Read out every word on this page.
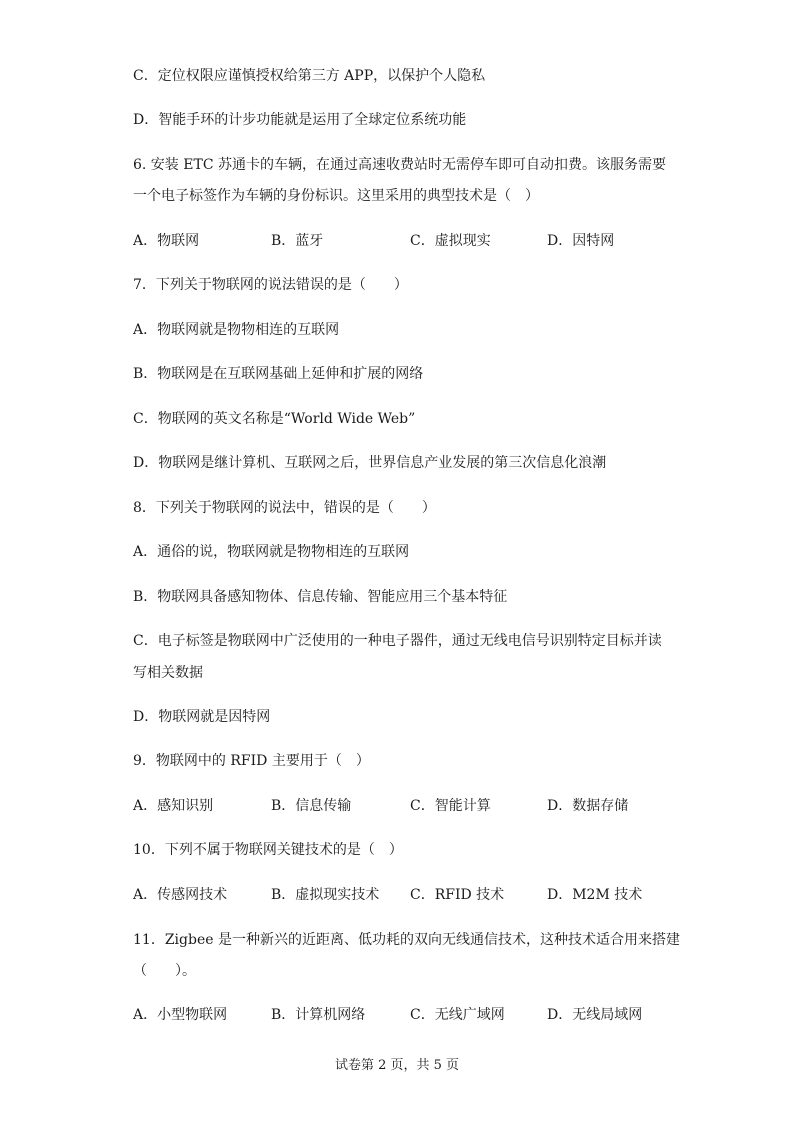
C．定位权限应谨慎授权给第三方 APP，以保护个人隐私
D．智能手环的计步功能就是运用了全球定位系统功能
6. 安装 ETC 苏通卡的车辆，在通过高速收费站时无需停车即可自动扣费。该服务需要
一个电子标签作为车辆的身份标识。这里采用的典型技术是（　）
A．物联网	B．蓝牙	C．虚拟现实	D．因特网
7．下列关于物联网的说法错误的是（　　）
A．物联网就是物物相连的互联网
B．物联网是在互联网基础上延伸和扩展的网络
C．物联网的英文名称是“World Wide Web”
D．物联网是继计算机、互联网之后，世界信息产业发展的第三次信息化浪潮
8．下列关于物联网的说法中，错误的是（　　）
A．通俗的说，物联网就是物物相连的互联网
B．物联网具备感知物体、信息传输、智能应用三个基本特征
C．电子标签是物联网中广泛使用的一种电子器件，通过无线电信号识别特定目标并读
写相关数据
D．物联网就是因特网
9．物联网中的 RFID 主要用于（　）
A．感知识别	B．信息传输	C．智能计算	D．数据存储
10．下列不属于物联网关键技术的是（　）
A．传感网技术	B．虚拟现实技术 C．RFID 技术	D．M2M 技术
11．Zigbee 是一种新兴的近距离、低功耗的双向无线通信技术，这种技术适合用来搭建
（　　）。
A．小型物联网	B．计算机网络	C．无线广域网	D．无线局域网
试卷第 2 页，共 5 页
